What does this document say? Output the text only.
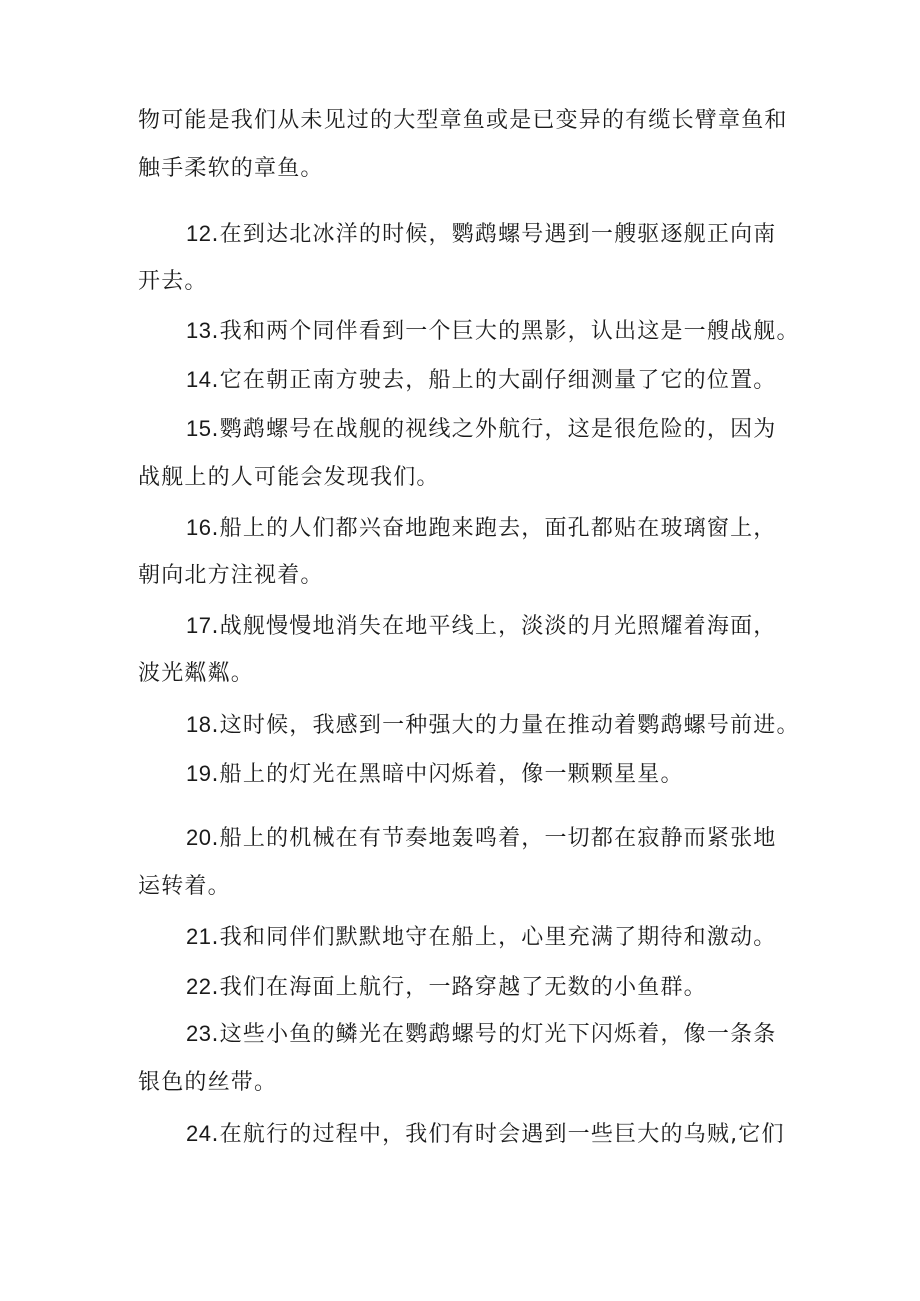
物可能是我们从未见过的大型章鱼或是已变异的有缆长臂章鱼和
触手柔软的章鱼。
12.在到达北冰洋的时候，鹦鹉螺号遇到一艘驱逐舰正向南
开去。
13.我和两个同伴看到一个巨大的黑影，认出这是一艘战舰。
14.它在朝正南方驶去，船上的大副仔细测量了它的位置。
15.鹦鹉螺号在战舰的视线之外航行，这是很危险的，因为
战舰上的人可能会发现我们。
16.船上的人们都兴奋地跑来跑去，面孔都贴在玻璃窗上，
朝向北方注视着。
17.战舰慢慢地消失在地平线上，淡淡的月光照耀着海面，
波光粼粼。
18.这时候，我感到一种强大的力量在推动着鹦鹉螺号前进。
19.船上的灯光在黑暗中闪烁着，像一颗颗星星。
20.船上的机械在有节奏地轰鸣着，一切都在寂静而紧张地
运转着。
21.我和同伴们默默地守在船上，心里充满了期待和激动。
22.我们在海面上航行，一路穿越了无数的小鱼群。
23.这些小鱼的鳞光在鹦鹉螺号的灯光下闪烁着，像一条条
银色的丝带。
24.在航行的过程中，我们有时会遇到一些巨大的乌贼,它们
